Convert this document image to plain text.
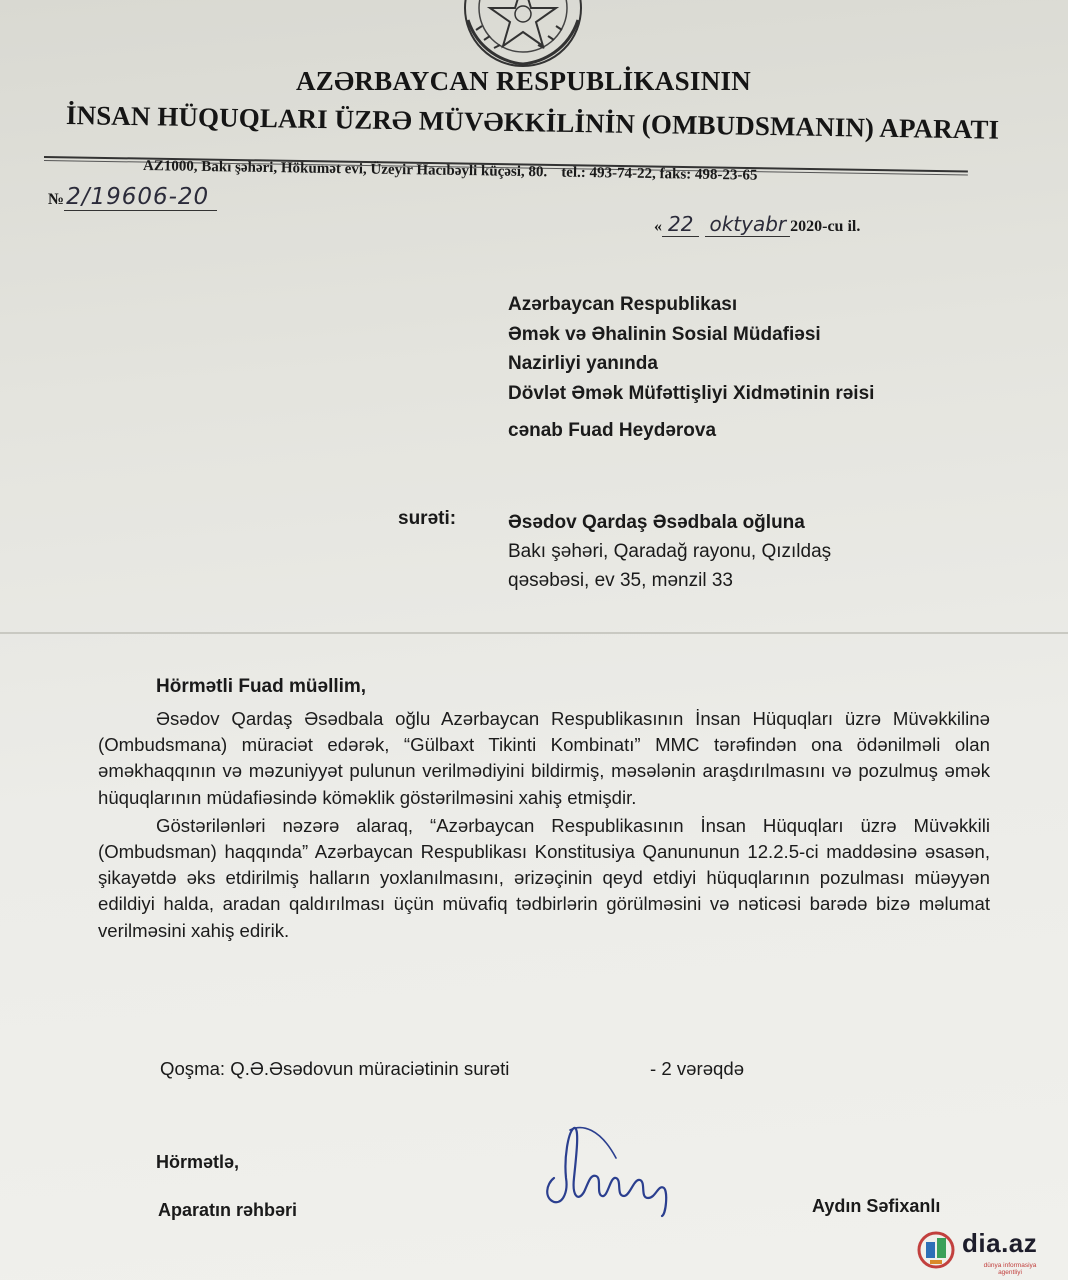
AZƏRBAYCAN RESPUBLİKASININ
İNSAN HÜQUQLARI ÜZRƏ MÜVƏKKİLİNİN (OMBUDSMANIN) APARATI
AZ1000, Bakı şəhəri, Hökumət evi, Üzeyir Hacıbəyli küçəsi, 80. tel.: 493-74-22, faks: 498-23-65
№2/19606-20
« 22 oktyabr 2020-cu il.
Azərbaycan Respublikası
Əmək və Əhalinin Sosial Müdafiəsi
Nazirliyi yanında
Dövlət Əmək Müfəttişliyi Xidmətinin rəisi
cənab Fuad Heydərova
surəti:	Əsədov Qardaş Əsədbala oğluna
Bakı şəhəri, Qaradağ rayonu, Qızıldaş
qəsəbəsi, ev 35, mənzil 33
Hörmətli Fuad müəllim,

Əsədov Qardaş Əsədbala oğlu Azərbaycan Respublikasının İnsan Hüquqları üzrə Müvəkkilinə (Ombudsmana) müraciət edərək, “Gülbaxt Tikinti Kombinatı” MMC tərəfindən ona ödənilməli olan əməkhaqqının və məzuniyyət pulunun verilmədiyini bildirmiş, məsələnin araşdırılmasını və pozulmuş əmək hüquqlarının müdafiəsində köməklik göstərilməsini xahiş etmişdir.

Göstərilənləri nəzərə alaraq, “Azərbaycan Respublikasının İnsan Hüquqları üzrə Müvəkkili (Ombudsman) haqqında” Azərbaycan Respublikası Konstitusiya Qanununun 12.2.5-ci maddəsinə əsasən, şikayətdə əks etdirilmiş halların yoxlanılmasını, ərizəçinin qeyd etdiyi hüquqlarının pozulması müəyyən edildiyi halda, aradan qaldırılması üçün müvafiq tədbirlərin görülməsini və nəticəsi barədə bizə məlumat verilməsini xahiş edirik.

Qoşma: Q.Ə.Əsədovun müraciətinin surəti	- 2 vərəqdə
Hörmətlə,
Aparatın rəhbəri	Aydın Səfixanlı
dia.az
dünya informasiya agentliyi
